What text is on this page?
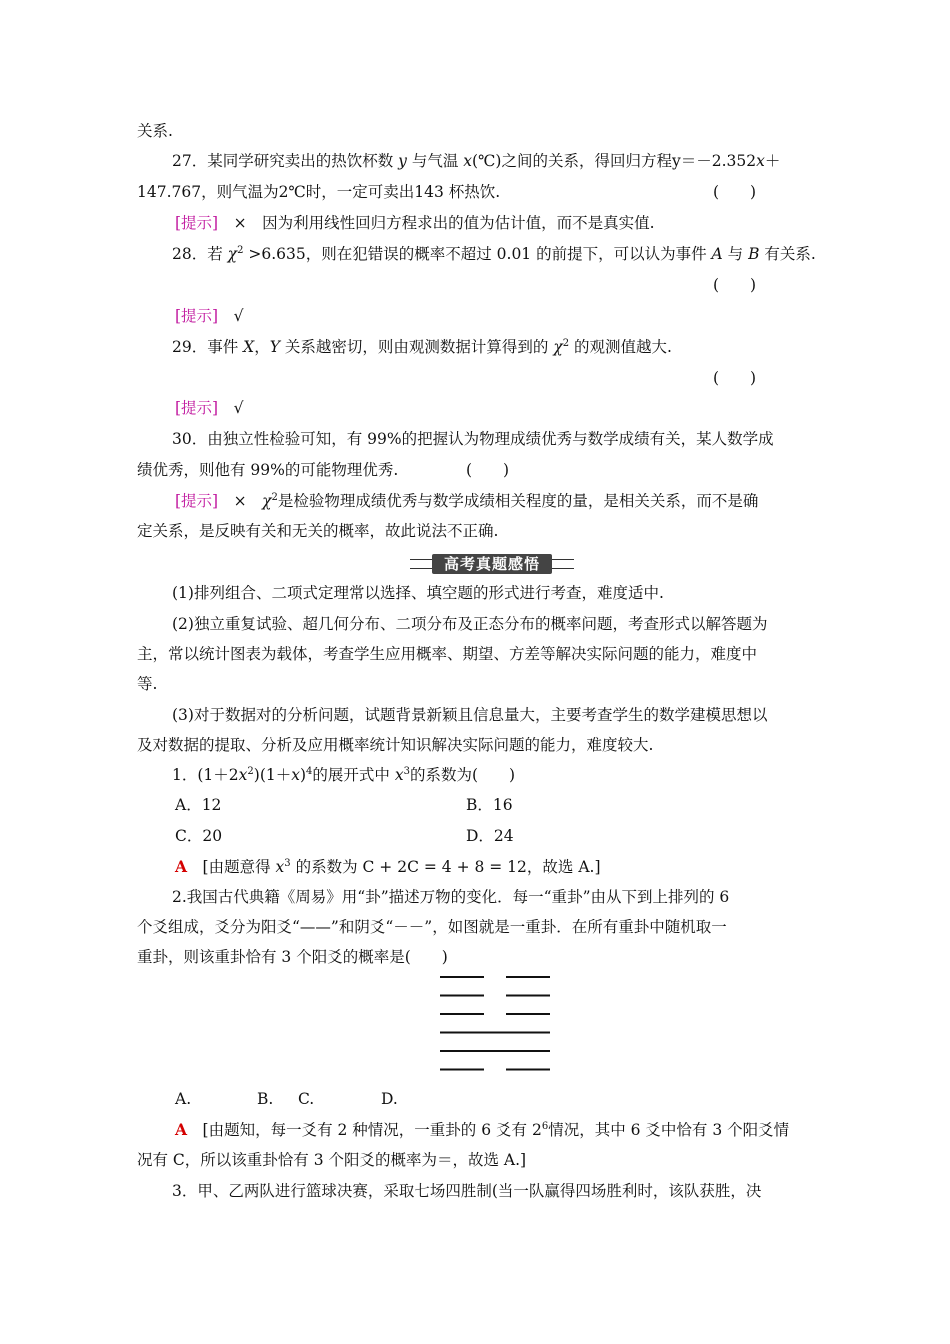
关系.
27．某同学研究卖出的热饮杯数 y 与气温 x(℃)之间的关系，得回归方程y＝－2.352x＋
147.767，则气温为2℃时，一定可卖出143 杯热饮.	(　　)
[提示]　 ×　因为利用线性回归方程求出的值为估计值，而不是真实值.
28．若 $\chi^2 >6.635$，则在犯错误的概率不超过 0.01 的前提下，可以认为事件 A 与 B 有关系.
(　　)
[提示]　 √
29．事件 X，Y 关系越密切，则由观测数据计算得到的 $\chi^2$ 的观测值越大.
(　　)
[提示]　 √
30．由独立性检验可知，有 99%的把握认为物理成绩优秀与数学成绩有关，某人数学成
绩优秀，则他有 99%的可能物理优秀.	(　　)
[提示]　 ×　$\chi^2$是检验物理成绩优秀与数学成绩相关程度的量，是相关关系，而不是确
定关系，是反映有关和无关的概率，故此说法不正确.
高考真题感悟
(1)排列组合、二项式定理常以选择、填空题的形式进行考查，难度适中.
(2)独立重复试验、超几何分布、二项分布及正态分布的概率问题，考查形式以解答题为
主，常以统计图表为载体，考查学生应用概率、期望、方差等解决实际问题的能力，难度中
等.
(3)对于数据对的分析问题，试题背景新颖且信息量大，主要考查学生的数学建模思想以
及对数据的提取、分析及应用概率统计知识解决实际问题的能力，难度较大.
1．$(1+2x^2)(1+x)^4$的展开式中 $x^3$的系数为(　　)
A．12	B．16
C．20	D．24
A　 [由题意得 $x^3$ 的系数为 C + 2C = 4 + 8 = 12，故选 A.]
2.我国古代典籍《周易》用“卦”描述万物的变化．每一“重卦”由从下到上排列的 6
个爻组成，爻分为阳爻“——”和阴爻“－－”，如图就是一重卦．在所有重卦中随机取一
重卦，则该重卦恰有 3 个阳爻的概率是(　　)
A.	B. C.	D.
A　 [由题知，每一爻有 2 种情况，一重卦的 6 爻有 $2^6$情况，其中 6 爻中恰有 3 个阳爻情
况有 C，所以该重卦恰有 3 个阳爻的概率为＝，故选 A.]
3．甲、乙两队进行篮球决赛，采取七场四胜制(当一队赢得四场胜利时，该队获胜，决
